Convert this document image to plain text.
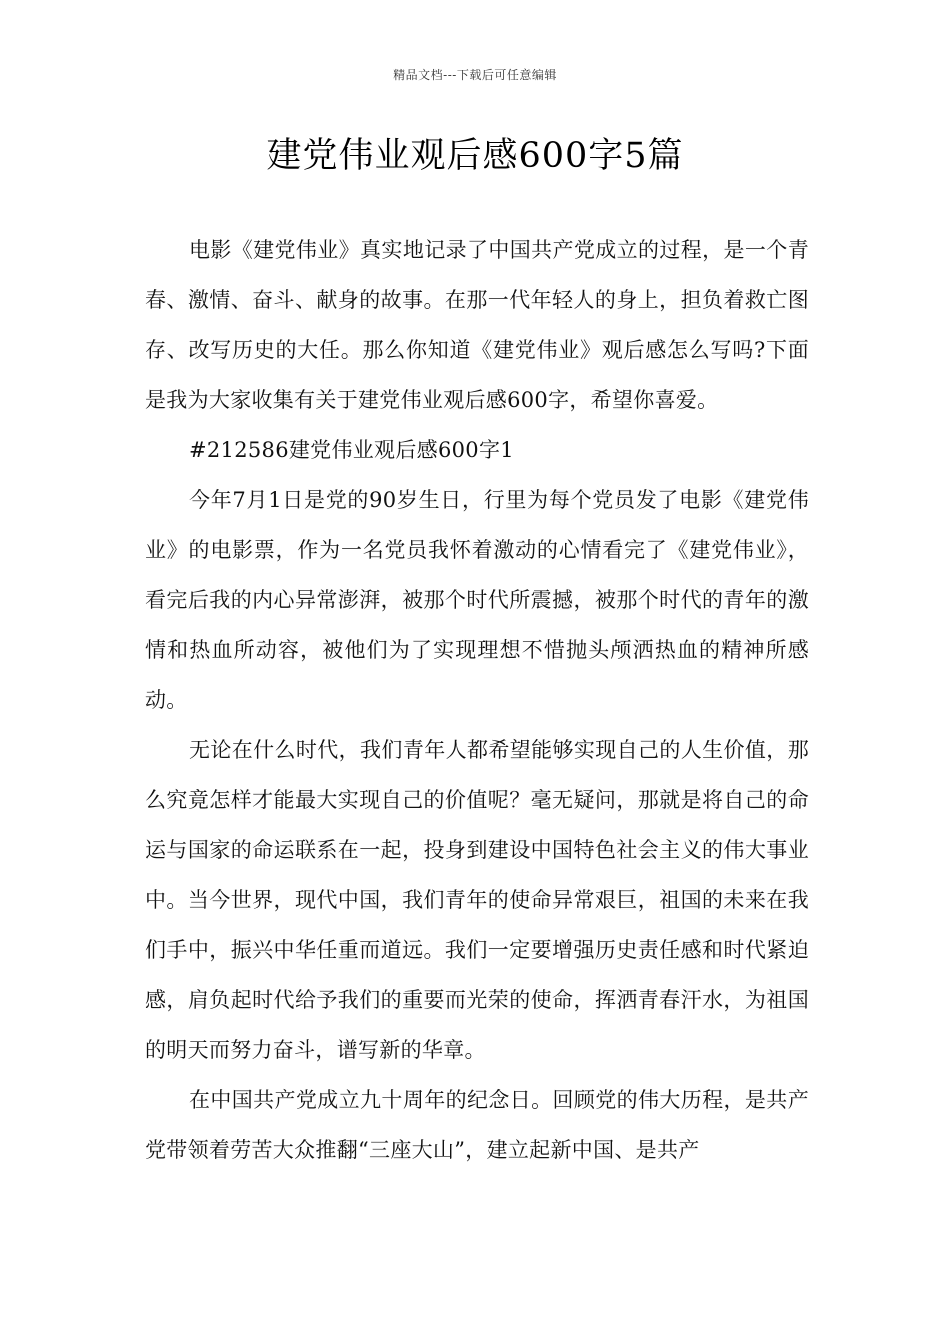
精品文档---下载后可任意编辑
建党伟业观后感600字5篇

电影《建党伟业》真实地记录了中国共产党成立的过程，是一个青春、激情、奋斗、献身的故事。在那一代年轻人的身上，担负着救亡图存、改写历史的大任。那么你知道《建党伟业》观后感怎么写吗?下面是我为大家收集有关于建党伟业观后感600字，希望你喜爱。

#212586建党伟业观后感600字1

今年7月1日是党的90岁生日，行里为每个党员发了电影《建党伟业》的电影票，作为一名党员我怀着激动的心情看完了《建党伟业》，看完后我的内心异常澎湃，被那个时代所震撼，被那个时代的青年的激情和热血所动容，被他们为了实现理想不惜抛头颅洒热血的精神所感动。

无论在什么时代，我们青年人都希望能够实现自己的人生价值，那么究竟怎样才能最大实现自己的价值呢？毫无疑问，那就是将自己的命运与国家的命运联系在一起，投身到建设中国特色社会主义的伟大事业中。当今世界，现代中国，我们青年的使命异常艰巨，祖国的未来在我们手中，振兴中华任重而道远。我们一定要增强历史责任感和时代紧迫感，肩负起时代给予我们的重要而光荣的使命，挥洒青春汗水，为祖国的明天而努力奋斗，谱写新的华章。

在中国共产党成立九十周年的纪念日。回顾党的伟大历程，是共产党带领着劳苦大众推翻“三座大山”，建立起新中国、是共产
